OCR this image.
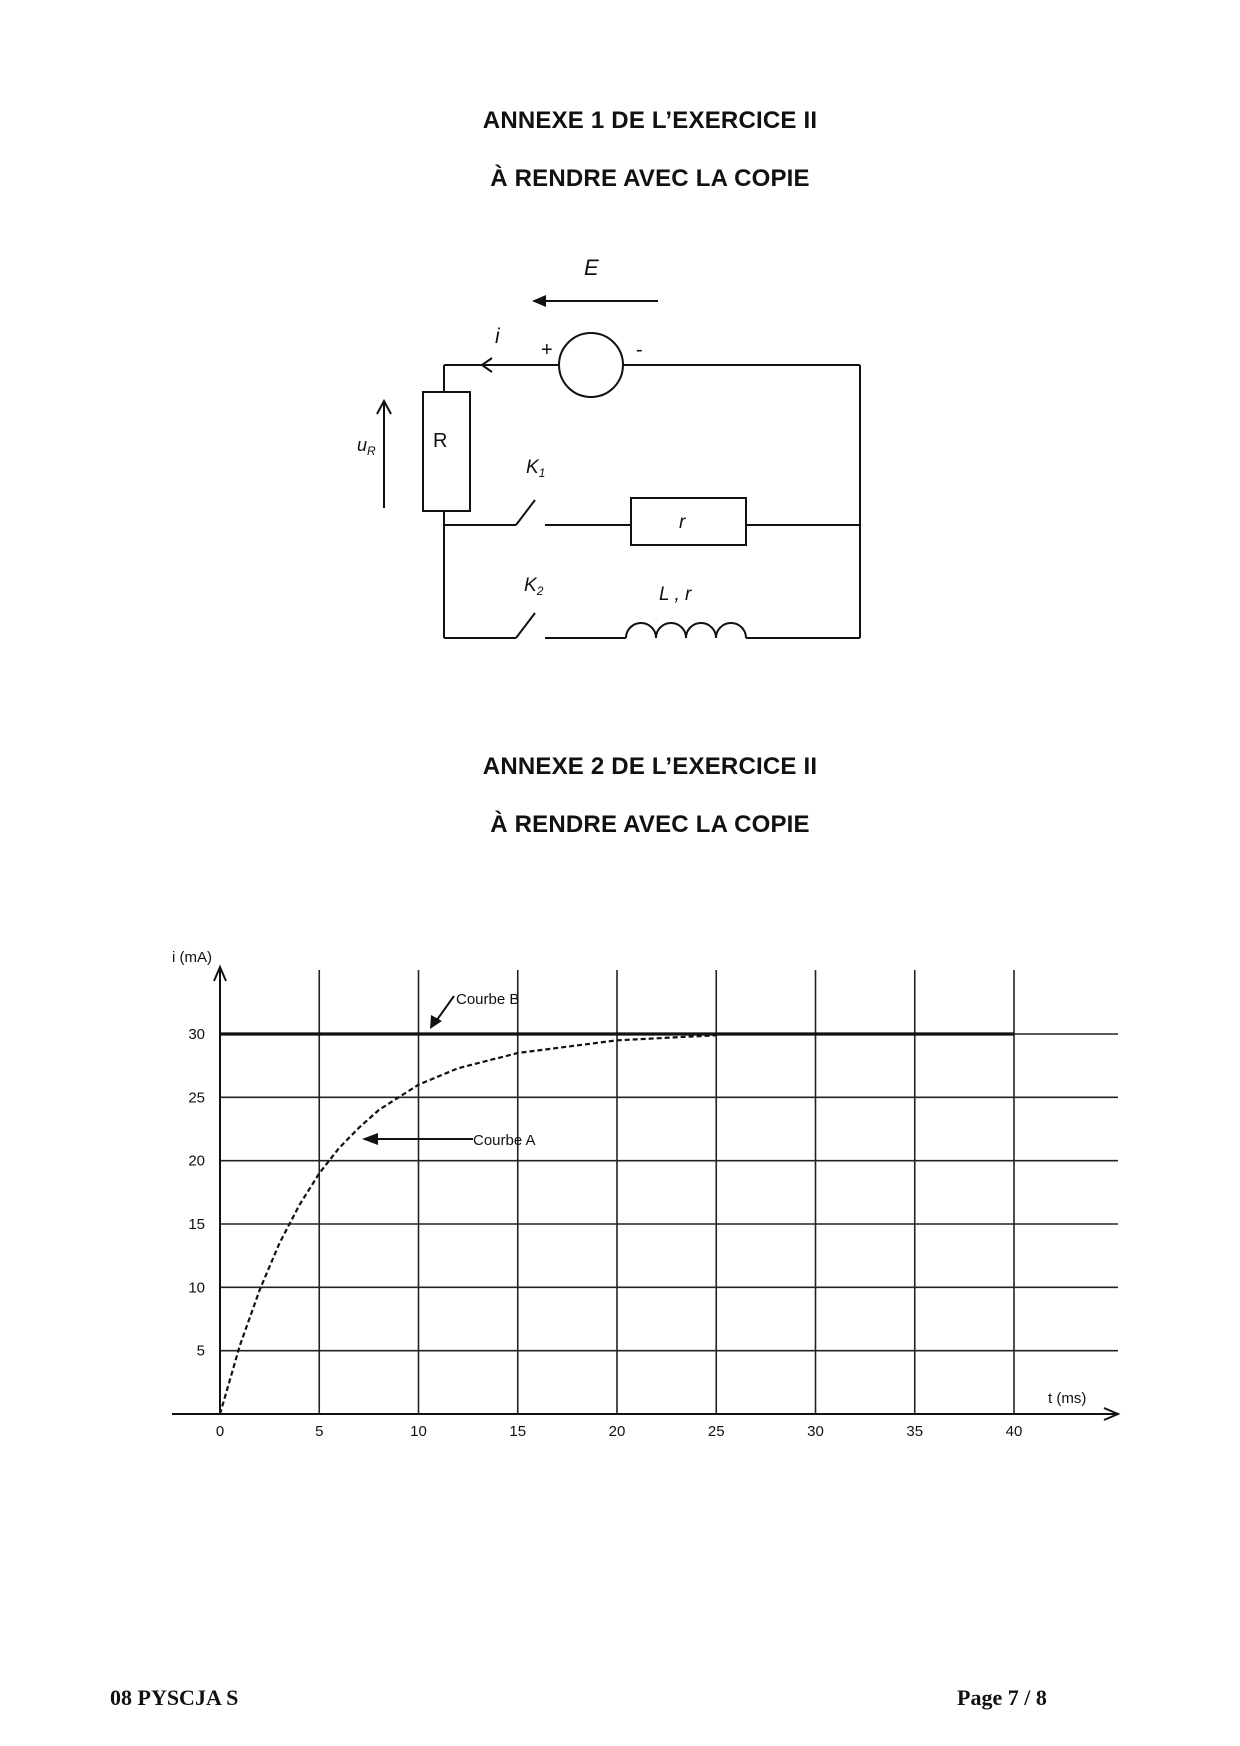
ANNEXE 1 DE L’EXERCICE II
À RENDRE AVEC LA COPIE
ANNEXE 2 DE L’EXERCICE II
À RENDRE AVEC LA COPIE
E
i
+	-
R
$u_R$
$K_1$
r
$K_2$	L , r
0	5	10	15	20	25	30	35	40
5
10
15
20
25
30
i (mA)
t (ms)
Courbe B
Courbe A
08 PYSCJA S	Page 7 / 8
